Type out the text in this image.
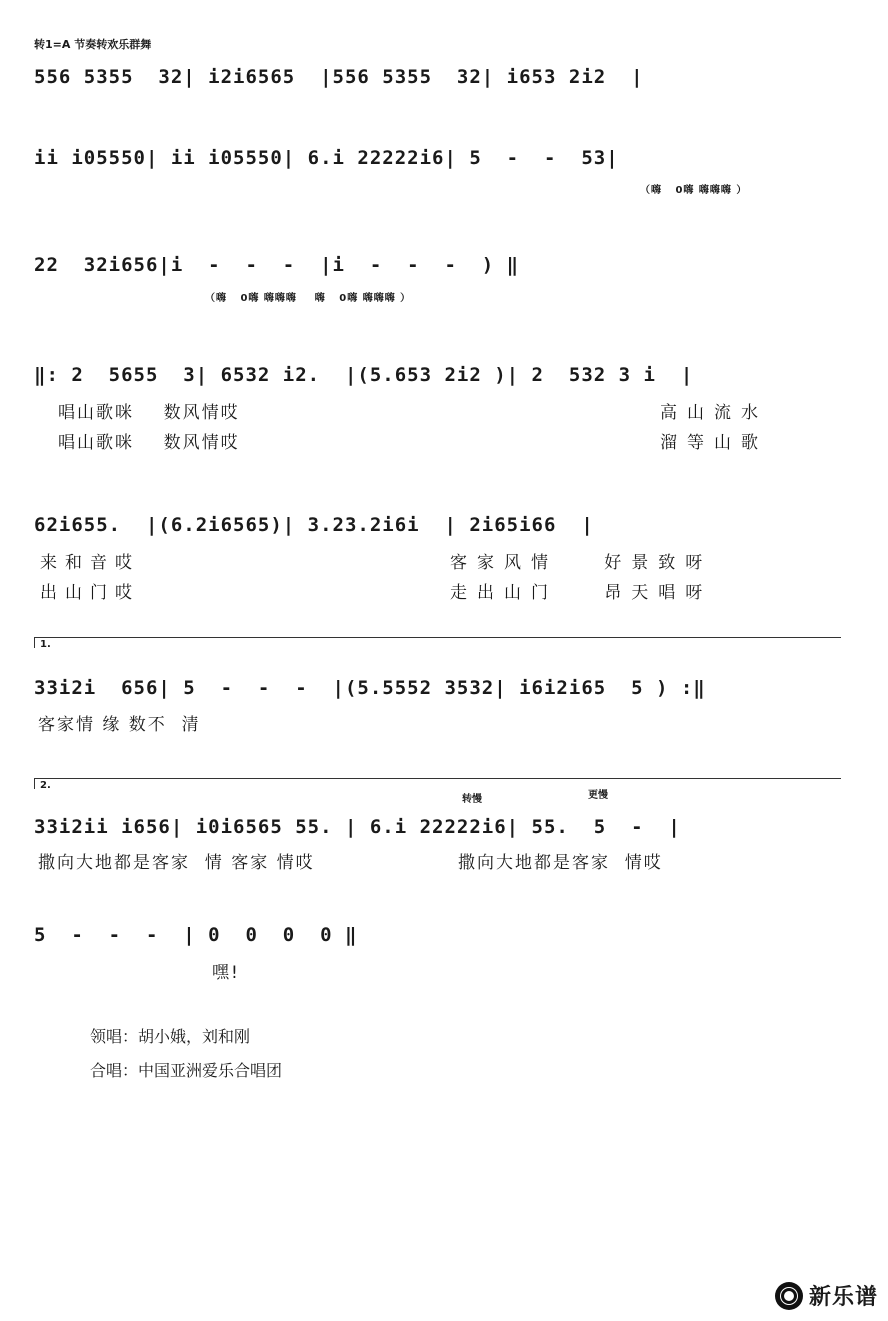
转1=A 节奏转欢乐群舞
556 5355  32| i2i6565  |556 5355  32| i653 2i2  |
ii i05550| ii i05550| 6.i 22222i6| 5  -  -  53|
（嗨   0嗨 嗨嗨嗨 ）
22  32i656|i  -  -  -  |i  -  -  -  ) ‖
（嗨   0嗨 嗨嗨嗨    嗨   0嗨 嗨嗨嗨 ）
‖: 2  5655  3| 6532 i2.  |(5.653 2i2 )| 2  532 3 i  |
唱山歌咪    数风情哎	高山流水
唱山歌咪    数风情哎	溜等山歌
62i655.  |(6.2i6565)| 3.23.2i6i  | 2i65i66  |
来和音哎	客家风情   好景致呀
出山门哎	走出山门   昂天唱呀
1.
33i2i  656| 5  -  -  -  |(5.5552 3532| i6i2i65  5 ) :‖
客家情 缘 数不  清
2.
转慢	更慢
33i2ii i656| i0i6565 55. | 6.i 22222i6| 55.  5  -  |
撒向大地都是客家  情 客家 情哎	撒向大地都是客家  情哎
5  -  -  -  | 0  0  0  0 ‖
嘿!
领唱：胡小娥，刘和刚
合唱：中国亚洲爱乐合唱团
新乐谱
